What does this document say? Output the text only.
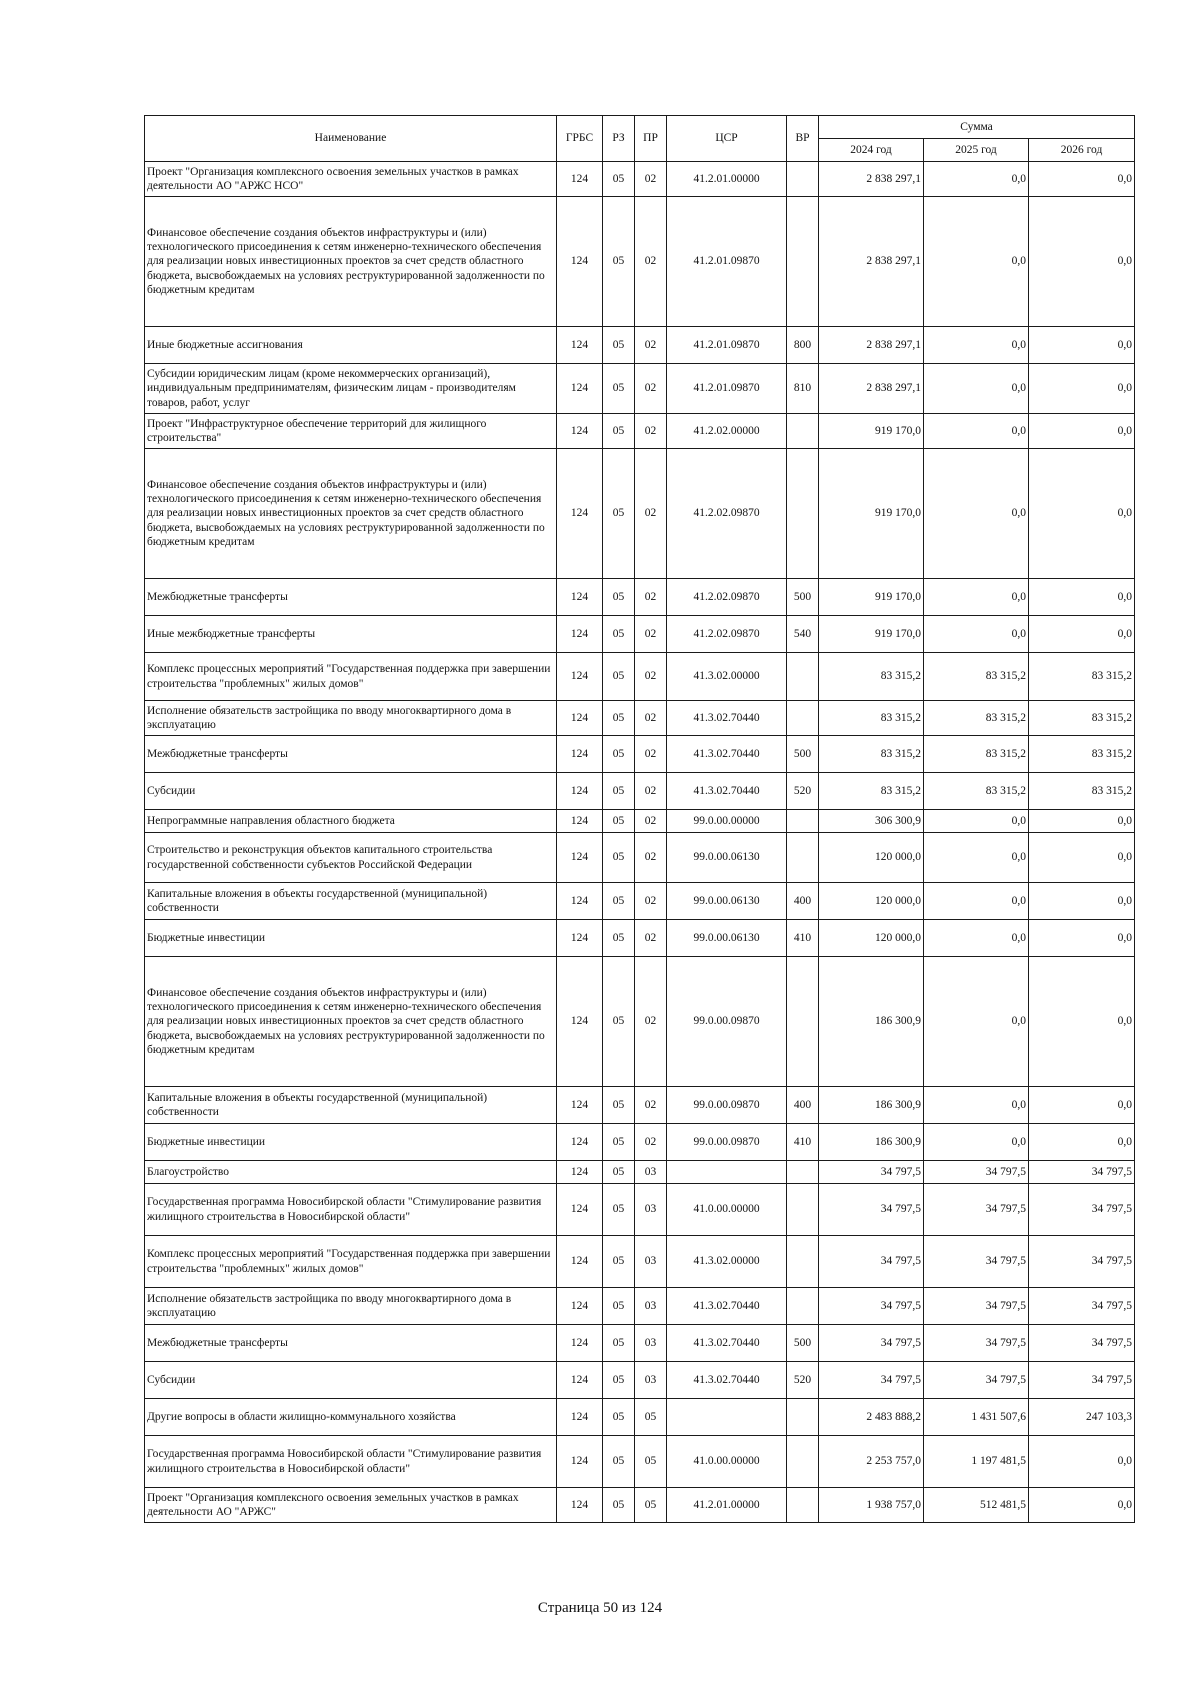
Наименование	ГРБС	РЗ	ПР	ЦСР	ВР	Сумма		
						2024 год	2025 год	2026 год
Проект "Организация комплексного освоения земельных участков в рамках деятельности АО "АРЖС НСО"	124	05	02	41.2.01.00000		2 838 297,1	0,0	0,0
Финансовое обеспечение создания объектов инфраструктуры и (или) технологического присоединения к сетям инженерно-технического обеспечения для реализации новых инвестиционных проектов за счет средств областного бюджета, высвобождаемых на условиях реструктурированной задолженности по бюджетным кредитам	124	05	02	41.2.01.09870		2 838 297,1	0,0	0,0
Иные бюджетные ассигнования	124	05	02	41.2.01.09870	800	2 838 297,1	0,0	0,0
Субсидии юридическим лицам (кроме некоммерческих организаций), индивидуальным предпринимателям, физическим лицам - производителям товаров, работ, услуг	124	05	02	41.2.01.09870	810	2 838 297,1	0,0	0,0
Проект "Инфраструктурное обеспечение территорий для жилищного строительства"	124	05	02	41.2.02.00000		919 170,0	0,0	0,0
Финансовое обеспечение создания объектов инфраструктуры и (или) технологического присоединения к сетям инженерно-технического обеспечения для реализации новых инвестиционных проектов за счет средств областного бюджета, высвобождаемых на условиях реструктурированной задолженности по бюджетным кредитам	124	05	02	41.2.02.09870		919 170,0	0,0	0,0
Межбюджетные трансферты	124	05	02	41.2.02.09870	500	919 170,0	0,0	0,0
Иные межбюджетные трансферты	124	05	02	41.2.02.09870	540	919 170,0	0,0	0,0
Комплекс процессных мероприятий "Государственная поддержка при завершении строительства "проблемных" жилых домов"	124	05	02	41.3.02.00000		83 315,2	83 315,2	83 315,2
Исполнение обязательств застройщика по вводу многоквартирного дома в эксплуатацию	124	05	02	41.3.02.70440		83 315,2	83 315,2	83 315,2
Межбюджетные трансферты	124	05	02	41.3.02.70440	500	83 315,2	83 315,2	83 315,2
Субсидии	124	05	02	41.3.02.70440	520	83 315,2	83 315,2	83 315,2
Непрограммные направления областного бюджета	124	05	02	99.0.00.00000		306 300,9	0,0	0,0
Строительство и реконструкция объектов капитального строительства государственной собственности субъектов Российской Федерации	124	05	02	99.0.00.06130		120 000,0	0,0	0,0
Капитальные вложения в объекты государственной (муниципальной) собственности	124	05	02	99.0.00.06130	400	120 000,0	0,0	0,0
Бюджетные инвестиции	124	05	02	99.0.00.06130	410	120 000,0	0,0	0,0
Финансовое обеспечение создания объектов инфраструктуры и (или) технологического присоединения к сетям инженерно-технического обеспечения для реализации новых инвестиционных проектов за счет средств областного бюджета, высвобождаемых на условиях реструктурированной задолженности по бюджетным кредитам	124	05	02	99.0.00.09870		186 300,9	0,0	0,0
Капитальные вложения в объекты государственной (муниципальной) собственности	124	05	02	99.0.00.09870	400	186 300,9	0,0	0,0
Бюджетные инвестиции	124	05	02	99.0.00.09870	410	186 300,9	0,0	0,0
Благоустройство	124	05	03			34 797,5	34 797,5	34 797,5
Государственная программа Новосибирской области "Стимулирование развития жилищного строительства в Новосибирской области"	124	05	03	41.0.00.00000		34 797,5	34 797,5	34 797,5
Комплекс процессных мероприятий "Государственная поддержка при завершении строительства "проблемных" жилых домов"	124	05	03	41.3.02.00000		34 797,5	34 797,5	34 797,5
Исполнение обязательств застройщика по вводу многоквартирного дома в эксплуатацию	124	05	03	41.3.02.70440		34 797,5	34 797,5	34 797,5
Межбюджетные трансферты	124	05	03	41.3.02.70440	500	34 797,5	34 797,5	34 797,5
Субсидии	124	05	03	41.3.02.70440	520	34 797,5	34 797,5	34 797,5
Другие вопросы в области жилищно-коммунального хозяйства	124	05	05			2 483 888,2	1 431 507,6	247 103,3
Государственная программа Новосибирской области "Стимулирование развития жилищного строительства в Новосибирской области"	124	05	05	41.0.00.00000		2 253 757,0	1 197 481,5	0,0
Проект "Организация комплексного освоения земельных участков в рамках деятельности АО "АРЖС"	124	05	05	41.2.01.00000		1 938 757,0	512 481,5	0,0
Страница 50 из 124
